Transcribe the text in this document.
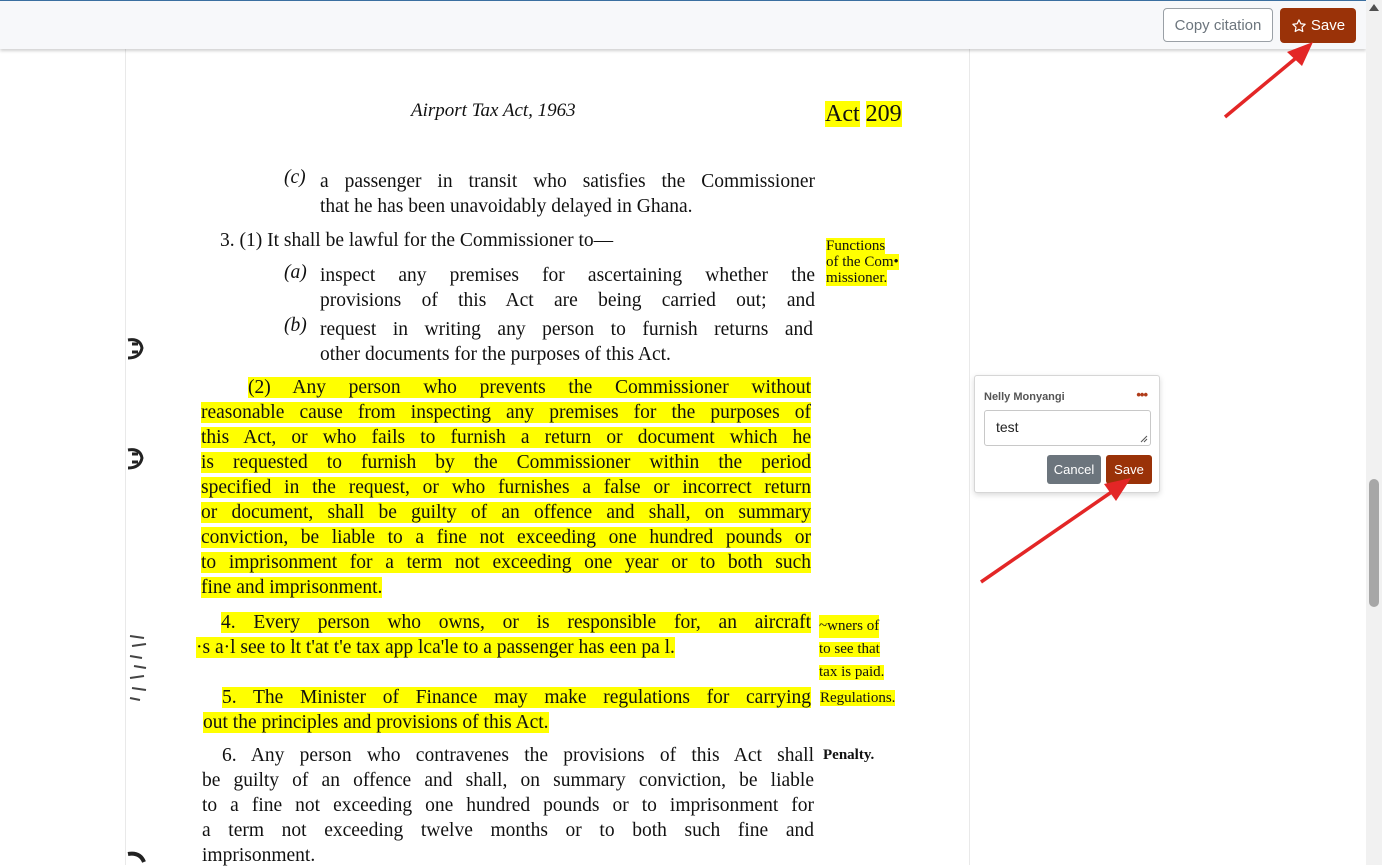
Airport Tax Act, 1963	Act 209
(c) a passenger in transit who satisfies the Commissioner
that he has been unavoidably delayed in Ghana.
3. (1) It shall be lawful for the Commissioner to—
(a) inspect any premises for ascertaining whether the
provisions of this Act are being carried out; and
(b) request in writing any person to furnish returns and
other documents for the purposes of this Act.
(2) Any person who prevents the Commissioner without
reasonable cause from inspecting any premises for the purposes of
this Act, or who fails to furnish a return or document which he
is requested to furnish by the Commissioner within the period
specified in the request, or who furnishes a false or incorrect return
or document, shall be guilty of an offence and shall, on summary
conviction, be liable to a fine not exceeding one hundred pounds or
to imprisonment for a term not exceeding one year or to both such
fine and imprisonment.
4. Every person who owns, or is responsible for, an aircraft
·s a·l see to lt t'at t'e tax app lca'le to a passenger has een pa l.
5. The Minister of Finance may make regulations for carrying
out the principles and provisions of this Act.
6. Any person who contravenes the provisions of this Act shall
be guilty of an offence and shall, on summary conviction, be liable
to a fine not exceeding one hundred pounds or to imprisonment for
a term not exceeding twelve months or to both such fine and
imprisonment.
Functions
of the Com•
missioner.
~wners of
to see that
tax is paid.
Regulations.
Penalty.
Copy citation	Save
Nelly Monyangi	•••
test
Cancel	Save
